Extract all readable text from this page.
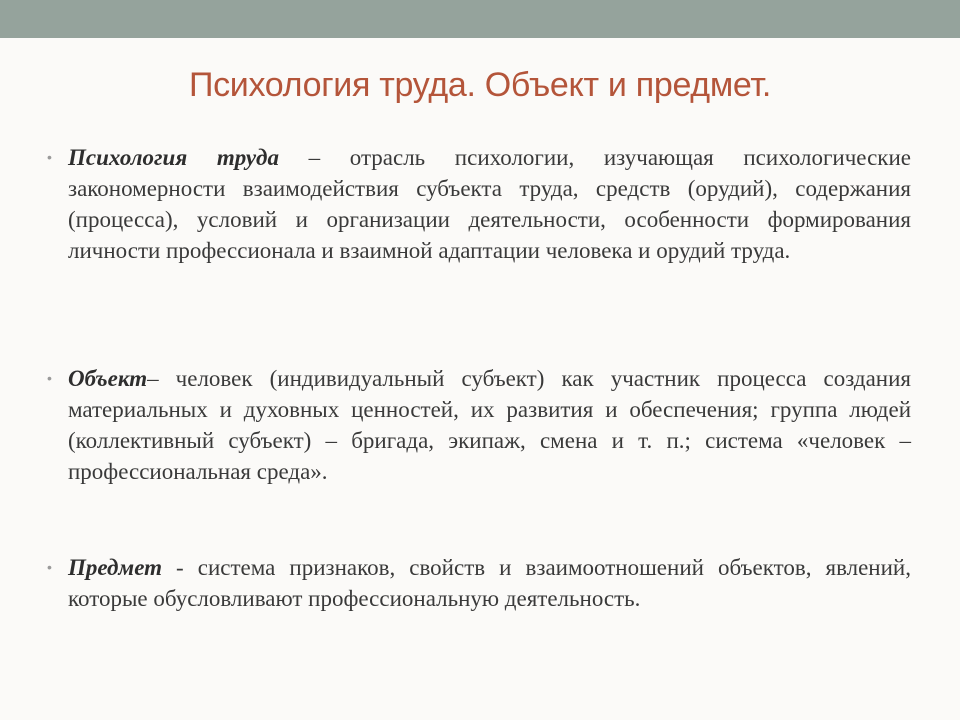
Психология труда. Объект и предмет.

• Психология труда – отрасль психологии, изучающая психологические закономерности взаимодействия субъекта труда, средств (орудий), содержания (процесса), условий и организации деятельности, особенности формирования личности профессионала и взаимной адаптации человека и орудий труда.

• Объект– человек (индивидуальный субъект) как участник процесса создания материальных и духовных ценностей, их развития и обеспечения; группа людей (коллективный субъект) – бригада, экипаж, смена и т. п.; система «человек – профессиональная среда».

• Предмет - система признаков, свойств и взаимоотношений объектов, явлений, которые обусловливают профессиональную деятельность.
